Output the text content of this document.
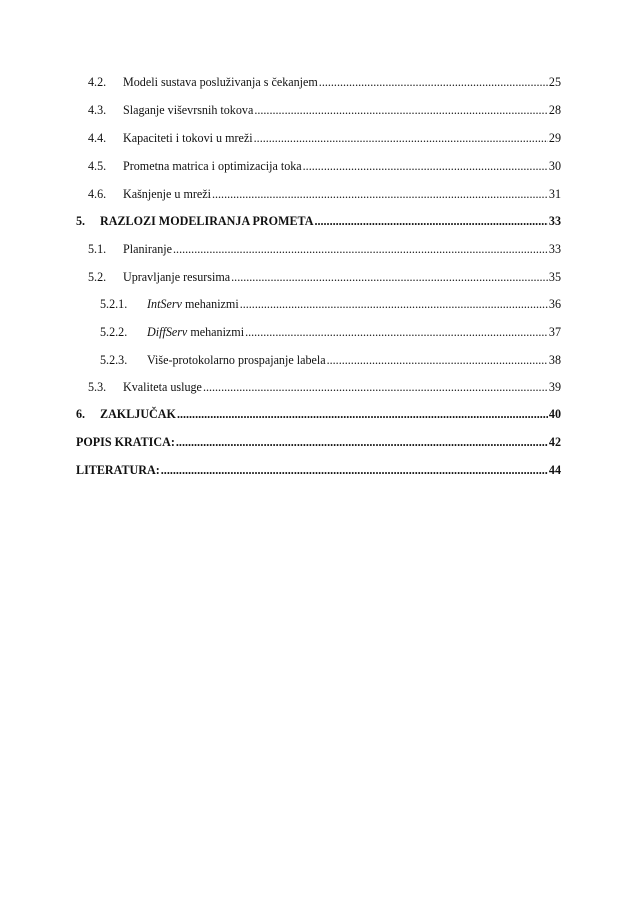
4.2.	Modeli sustava posluživanja s čekanjem .....	25
4.3.	Slaganje viševrsnih tokova .....	28
4.4.	Kapaciteti i tokovi u mreži .....	29
4.5.	Prometna matrica i optimizacija toka .....	30
4.6.	Kašnjenje u mreži .....	31
5.	RAZLOZI MODELIRANJA PROMETA .....	33
5.1.	Planiranje .....	33
5.2.	Upravljanje resursima .....	35
5.2.1.	IntServ mehanizmi .....	36
5.2.2.	DiffServ mehanizmi .....	37
5.2.3.	Više-protokolarno prospajanje labela .....	38
5.3.	Kvaliteta usluge .....	39
6.	ZAKLJUČAK .....	40
POPIS KRATICA: .....	42
LITERATURA: .....	44
